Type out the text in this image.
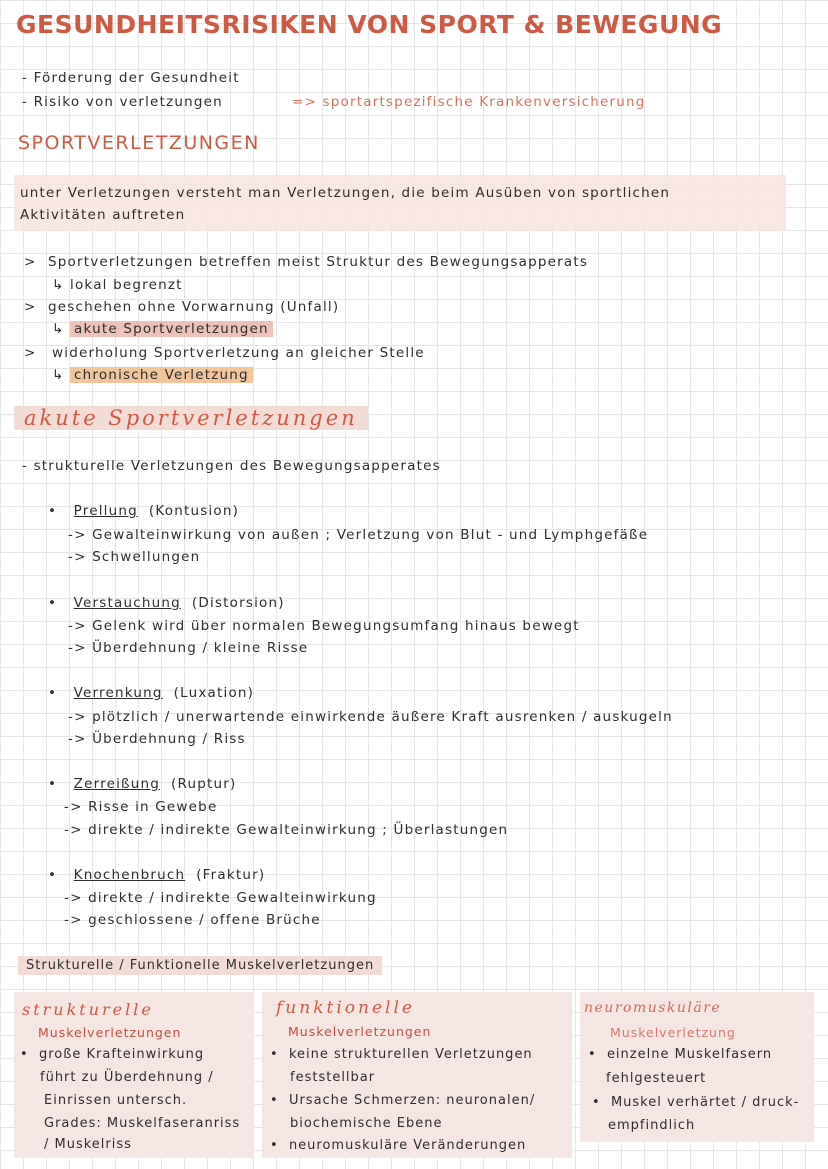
GESUNDHEITSRISIKEN VON SPORT & BEWEGUNG
- Förderung der Gesundheit
- Risiko von verletzungen	=> sportartspezifische Krankenversicherung
SPORTVERLETZUNGEN
unter Verletzungen versteht man Verletzungen, die beim Ausüben von sportlichen
Aktivitäten auftreten
> Sportverletzungen betreffen meist Struktur des Bewegungsapperats
↳ lokal begrenzt
> geschehen ohne Vorwarnung (Unfall)
↳ akute Sportverletzungen
> widerholung Sportverletzung an gleicher Stelle
↳ chronische Verletzung
akute Sportverletzungen
- strukturelle Verletzungen des Bewegungsapperates
• Prellung (Kontusion)
-> Gewalteinwirkung von außen ; Verletzung von Blut - und Lymphgefäße
-> Schwellungen
• Verstauchung (Distorsion)
-> Gelenk wird über normalen Bewegungsumfang hinaus bewegt
-> Überdehnung / kleine Risse
• Verrenkung (Luxation)
-> plötzlich / unerwartende einwirkende äußere Kraft ausrenken / auskugeln
-> Überdehnung / Riss
• Zerreißung (Ruptur)
-> Risse in Gewebe
-> direkte / indirekte Gewalteinwirkung ; Überlastungen
• Knochenbruch (Fraktur)
-> direkte / indirekte Gewalteinwirkung
-> geschlossene / offene Brüche
Strukturelle / Funktionelle Muskelverletzungen
strukturelle
Muskelverletzungen
• große Krafteinwirkung
führt zu Überdehnung /
Einrissen untersch.
Grades: Muskelfaseranriss
/ Muskelriss
funktionelle
Muskelverletzungen
• keine strukturellen Verletzungen
feststellbar
• Ursache Schmerzen: neuronalen/
biochemische Ebene
• neuromuskuläre Veränderungen
neuromuskuläre
Muskelverletzung
• einzelne Muskelfasern
fehlgesteuert
• Muskel verhärtet / druck-
empfindlich
